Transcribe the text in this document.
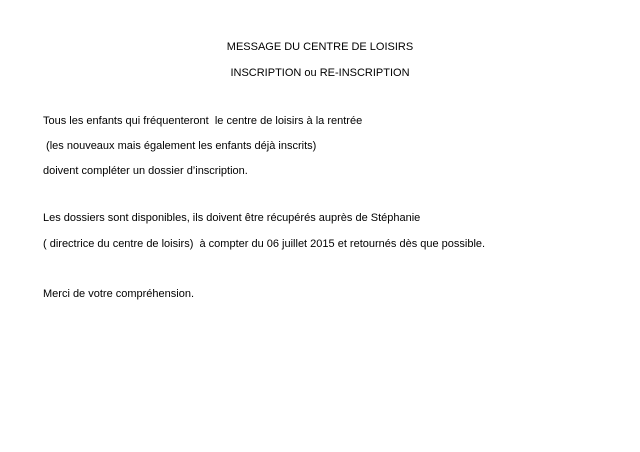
MESSAGE DU CENTRE DE LOISIRS
INSCRIPTION ou RE-INSCRIPTION
Tous les enfants qui fréquenteront  le centre de loisirs à la rentrée
(les nouveaux mais également les enfants déjà inscrits)
doivent compléter un dossier d’inscription.
Les dossiers sont disponibles, ils doivent être récupérés auprès de Stéphanie
( directrice du centre de loisirs)  à compter du 06 juillet 2015 et retournés dès que possible.
Merci de votre compréhension.
